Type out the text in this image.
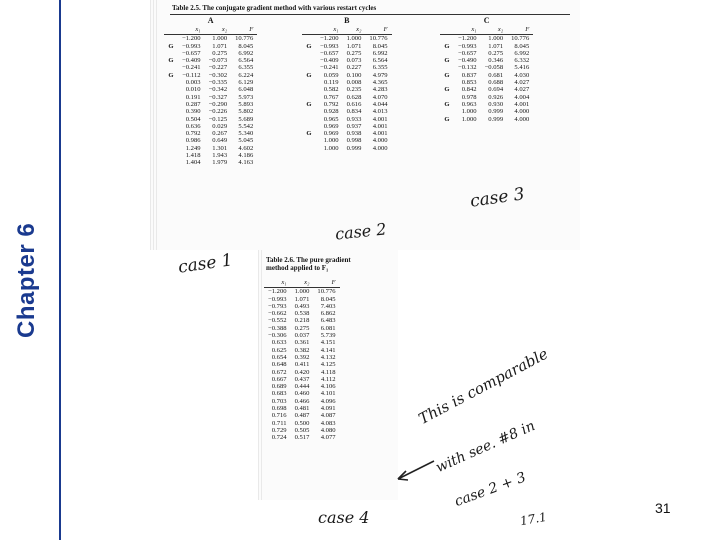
Chapter 6
Table 2.5. The conjugate gradient method with various restart cycles
A
	x₁	x₂	F
	−1.200	1.000	10.776
G	−0.993	1.071	8.045
	−0.657	0.275	6.992
G	−0.409	−0.073	6.564
	−0.241	−0.227	6.355
G	−0.112	−0.302	6.224
	0.003	−0.335	6.129
	0.010	−0.342	6.048
	0.191	−0.327	5.973
	0.287	−0.290	5.893
	0.390	−0.226	5.802
	0.504	−0.125	5.689
	0.636	0.029	5.542
	0.792	0.267	5.340
	0.986	0.649	5.045
	1.249	1.301	4.602
	1.418	1.943	4.186
	1.404	1.979	4.163
B
	x₁	x₂	F
	−1.200	1.000	10.776
G	−0.993	1.071	8.045
	−0.657	0.275	6.992
	−0.409	0.073	6.564
	−0.241	0.227	6.355
G	0.059	0.100	4.979
	0.119	0.008	4.365
	0.582	0.235	4.283
	0.767	0.628	4.070
G	0.792	0.616	4.044
	0.928	0.834	4.013
	0.965	0.933	4.001
	0.969	0.937	4.001
G	0.969	0.938	4.001
	1.000	0.998	4.000
	1.000	0.999	4.000
C
	x₁	x₂	F
	−1.200	1.000	10.776
G	−0.993	1.071	8.045
	−0.657	0.275	6.992
G	−0.490	0.346	6.332
	−0.132	−0.058	5.416
G	0.837	0.681	4.030
	0.853	0.688	4.027
G	0.842	0.694	4.027
	0.978	0.926	4.004
G	0.963	0.930	4.001
	1.000	0.999	4.000
G	1.000	0.999	4.000
case 3
case 2
case 1	Table 2.6. The pure gradient
method applied to F₁
x₁	x₂	F
−1.200	1.000	10.776
−0.993	1.071	8.045
−0.793	0.493	7.403
−0.662	0.538	6.862
−0.552	0.218	6.483
−0.388	0.275	6.081
−0.306	0.037	5.739
0.633	0.361	4.151
0.625	0.382	4.141
0.654	0.392	4.132
0.648	0.411	4.125
0.672	0.420	4.118
0.667	0.437	4.112
0.689	0.444	4.106
0.683	0.460	4.101
0.703	0.466	4.096
0.698	0.481	4.091
0.716	0.487	4.087
0.711	0.500	4.083
0.729	0.505	4.080
0.724	0.517	4.077
case 4
This is comparable
with see. #8 in
case 2 + 3
17.1
31
